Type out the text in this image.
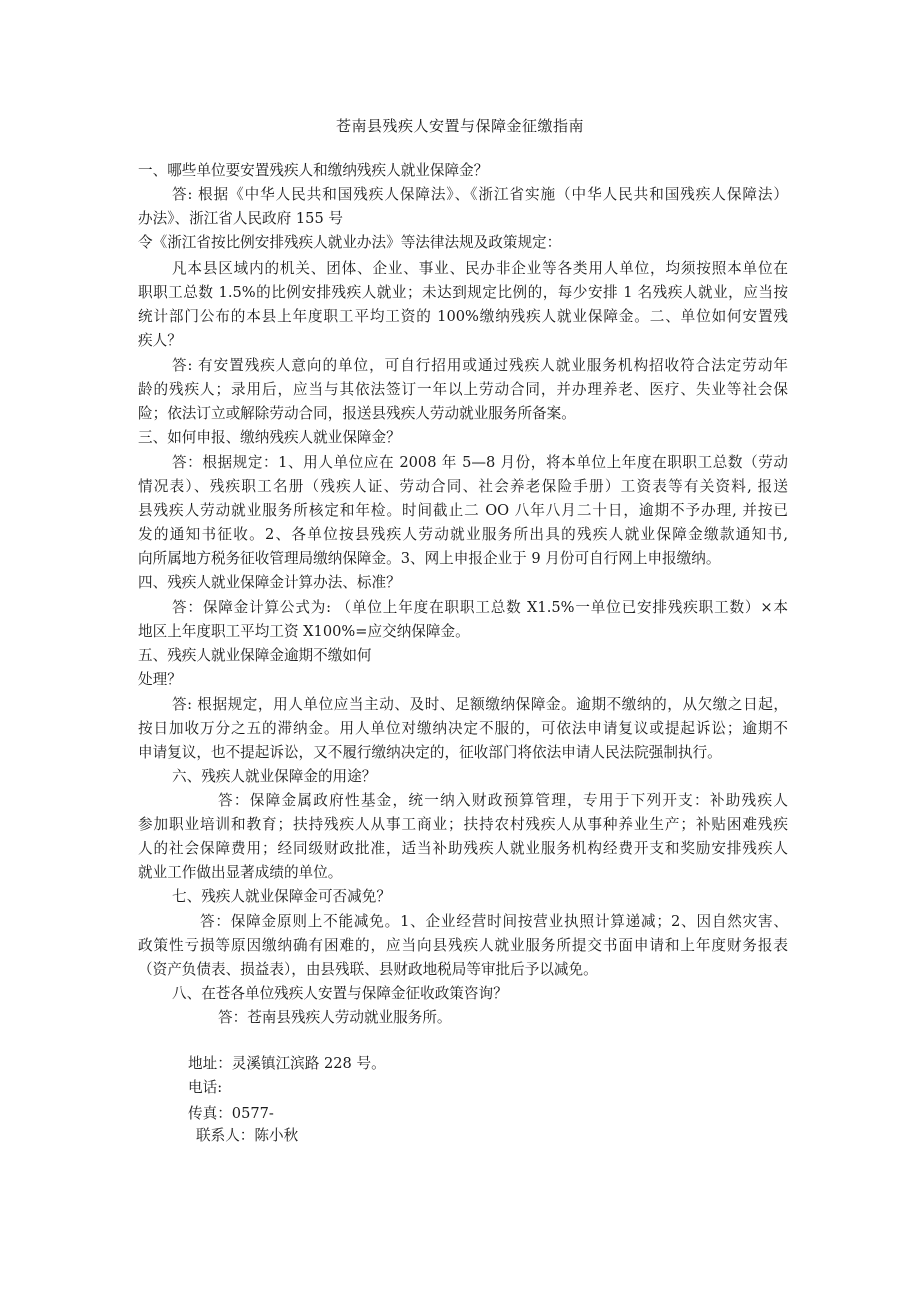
苍南县残疾人安置与保障金征缴指南
一、哪些单位要安置残疾人和缴纳残疾人就业保障金？
答: 根据《中华人民共和国残疾人保障法》、《浙江省实施（中华人民共和国残疾人保障法）
办法》、浙江省人民政府 155 号
令《浙江省按比例安排残疾人就业办法》等法律法规及政策规定：
凡本县区域内的机关、团体、企业、事业、民办非企业等各类用人单位，均须按照本单位在
职职工总数 1.5%的比例安排残疾人就业；未达到规定比例的，每少安排 1 名残疾人就业，应当按
统计部门公布的本县上年度职工平均工资的 100%缴纳残疾人就业保障金。二、单位如何安置残
疾人？
答: 有安置残疾人意向的单位，可自行招用或通过残疾人就业服务机构招收符合法定劳动年
龄的残疾人；录用后，应当与其依法签订一年以上劳动合同，并办理养老、医疗、失业等社会保
险；依法订立或解除劳动合同，报送县残疾人劳动就业服务所备案。
三、如何申报、缴纳残疾人就业保障金？
答：根据规定：1、用人单位应在 2008 年 5—8 月份，将本单位上年度在职职工总数（劳动
情况表）、残疾职工名册（残疾人证、劳动合同、社会养老保险手册）工资表等有关资料, 报送
县残疾人劳动就业服务所核定和年检。时间截止二 OO 八年八月二十日，逾期不予办理, 并按已
发的通知书征收。2、各单位按县残疾人劳动就业服务所出具的残疾人就业保障金缴款通知书,
向所属地方税务征收管理局缴纳保障金。3、网上申报企业于 9 月份可自行网上申报缴纳。
四、残疾人就业保障金计算办法、标准？
答：保障金计算公式为: （单位上年度在职职工总数 X1.5%一单位已安排残疾职工数）×本
地区上年度职工平均工资 X100%=应交纳保障金。
五、残疾人就业保障金逾期不缴如何
处理？
答: 根据规定，用人单位应当主动、及时、足额缴纳保障金。逾期不缴纳的，从欠缴之日起，
按日加收万分之五的滞纳金。用人单位对缴纳决定不服的，可依法申请复议或提起诉讼；逾期不
申请复议，也不提起诉讼，又不履行缴纳决定的，征收部门将依法申请人民法院强制执行。
六、残疾人就业保障金的用途？
答：保障金属政府性基金，统一纳入财政预算管理，专用于下列开支：补助残疾人
参加职业培训和教育；扶持残疾人从事工商业；扶持农村残疾人从事种养业生产；补贴困难残疾
人的社会保障费用；经同级财政批准，适当补助残疾人就业服务机构经费开支和奖励安排残疾人
就业工作做出显著成绩的单位。
七、残疾人就业保障金可否减免？
答：保障金原则上不能减免。1、企业经营时间按营业执照计算递减；2、因自然灾害、
政策性亏损等原因缴纳确有困难的，应当向县残疾人就业服务所提交书面申请和上年度财务报表
（资产负债表、损益表），由县残联、县财政地税局等审批后予以减免。
八、在苍各单位残疾人安置与保障金征收政策咨询？
答：苍南县残疾人劳动就业服务所。
地址：灵溪镇江滨路 228 号。
电话:
传真：0577-
联系人：陈小秋
